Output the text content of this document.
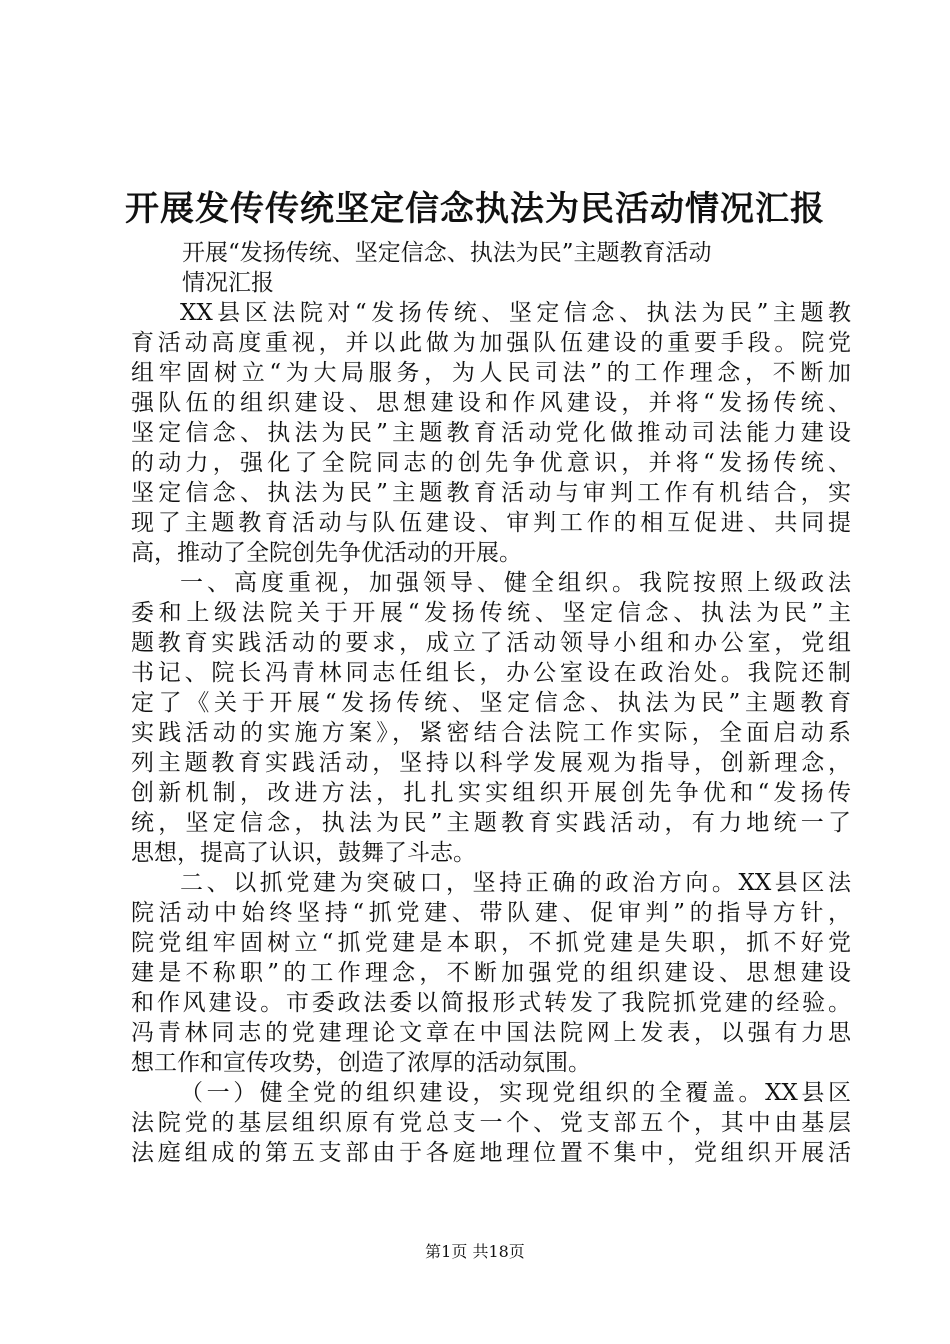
开展发传传统坚定信念执法为民活动情况汇报
开展“发扬传统、坚定信念、执法为民”主题教育活动
情况汇报
XX县区法院对“发扬传统、坚定信念、执法为民”主题教
育活动高度重视，并以此做为加强队伍建设的重要手段。院党
组牢固树立“为大局服务，为人民司法”的工作理念，不断加
强队伍的组织建设、思想建设和作风建设，并将“发扬传统、
坚定信念、执法为民”主题教育活动党化做推动司法能力建设
的动力，强化了全院同志的创先争优意识，并将“发扬传统、
坚定信念、执法为民”主题教育活动与审判工作有机结合，实
现了主题教育活动与队伍建设、审判工作的相互促进、共同提
高，推动了全院创先争优活动的开展。
一、高度重视，加强领导、健全组织。我院按照上级政法
委和上级法院关于开展“发扬传统、坚定信念、执法为民”主
题教育实践活动的要求，成立了活动领导小组和办公室，党组
书记、院长冯青林同志任组长，办公室设在政治处。我院还制
定了《关于开展“发扬传统、坚定信念、执法为民”主题教育
实践活动的实施方案》，紧密结合法院工作实际，全面启动系
列主题教育实践活动，坚持以科学发展观为指导，创新理念，
创新机制，改进方法，扎扎实实组织开展创先争优和“发扬传
统，坚定信念，执法为民”主题教育实践活动，有力地统一了
思想，提高了认识，鼓舞了斗志。
二、以抓党建为突破口，坚持正确的政治方向。XX县区法
院活动中始终坚持“抓党建、带队建、促审判”的指导方针，
院党组牢固树立“抓党建是本职，不抓党建是失职，抓不好党
建是不称职”的工作理念，不断加强党的组织建设、思想建设
和作风建设。市委政法委以简报形式转发了我院抓党建的经验。
冯青林同志的党建理论文章在中国法院网上发表，以强有力思
想工作和宣传攻势，创造了浓厚的活动氛围。
（一）健全党的组织建设，实现党组织的全覆盖。XX县区
法院党的基层组织原有党总支一个、党支部五个，其中由基层
法庭组成的第五支部由于各庭地理位置不集中，党组织开展活
第1页 共18页
